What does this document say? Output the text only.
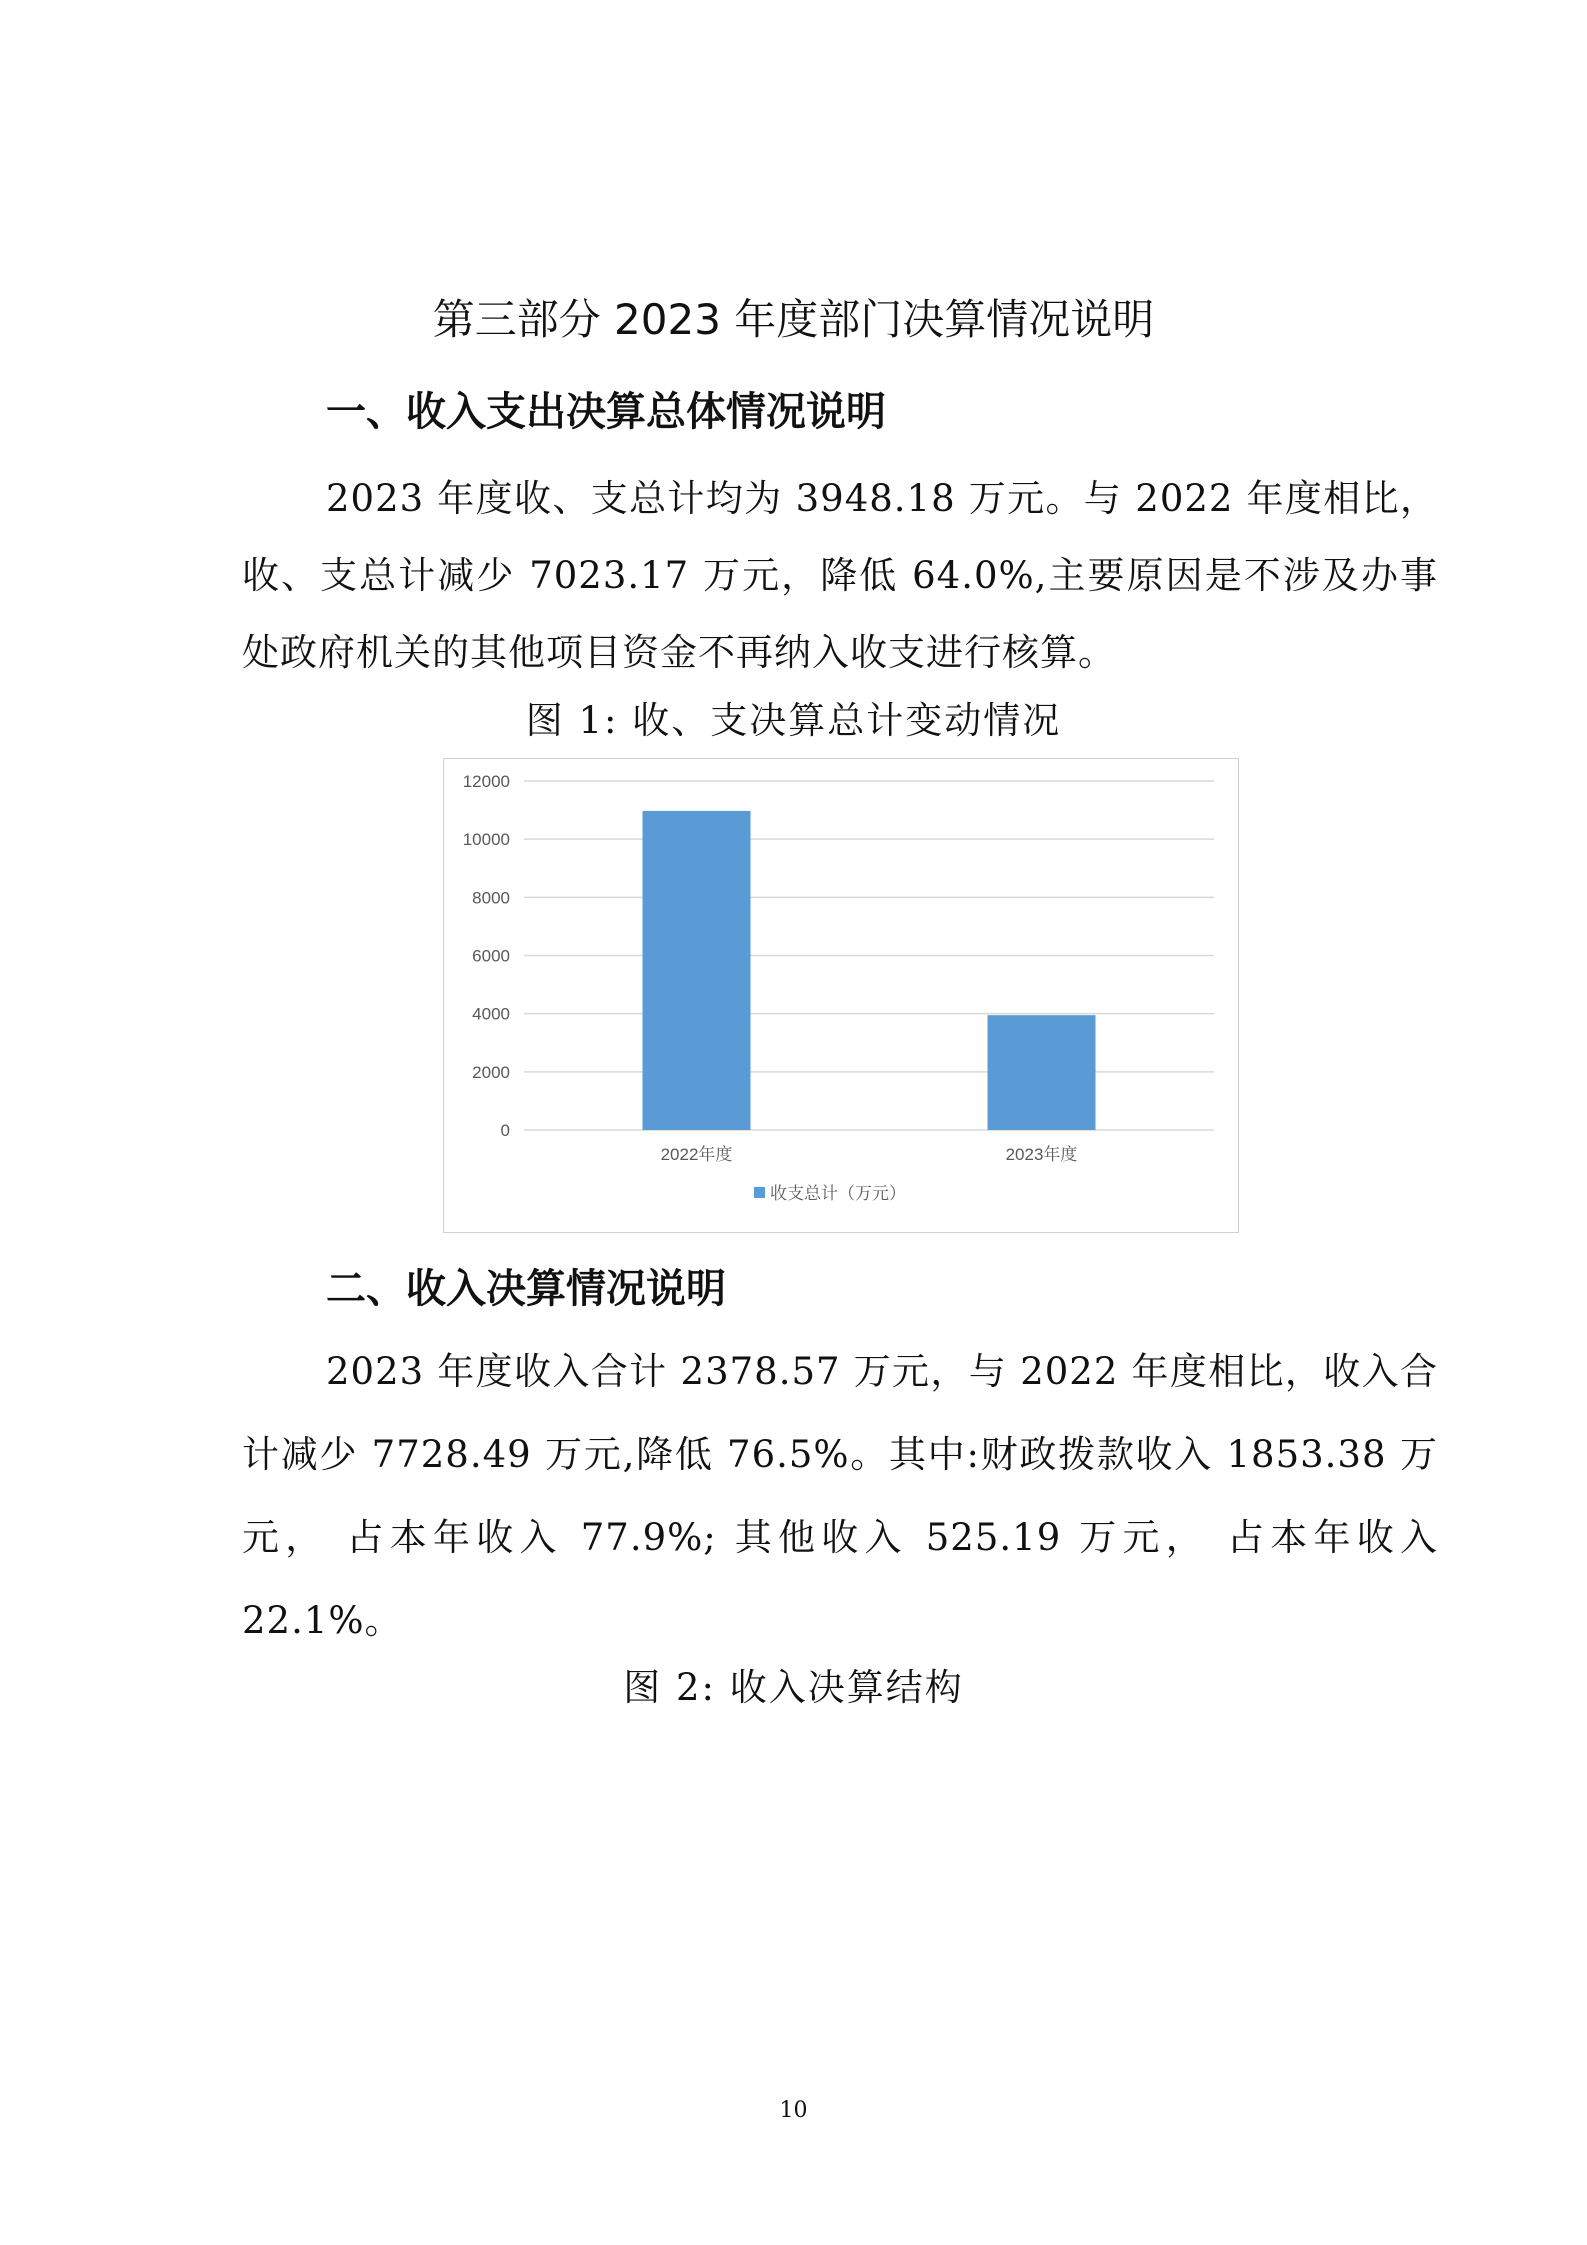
第三部分 2023 年度部门决算情况说明
一、收入支出决算总体情况说明
2023 年度收、支总计均为 3948.18 万元。与 2022 年度相比，收、支总计减少 7023.17 万元，降低 64.0%,主要原因是不涉及办事处政府机关的其他项目资金不再纳入收支进行核算。
图 1: 收、支决算总计变动情况
0
2000
4000
6000
8000
10000
12000
2022年度	2023年度
收支总计（万元）
二、收入决算情况说明
2023 年度收入合计 2378.57 万元，与 2022 年度相比，收入合计减少 7728.49 万元,降低 76.5%。其中:财政拨款收入 1853.38 万元， 占本年收入 77.9%; 其他收入 525.19 万元， 占本年收入 22.1%。
图 2: 收入决算结构
10
